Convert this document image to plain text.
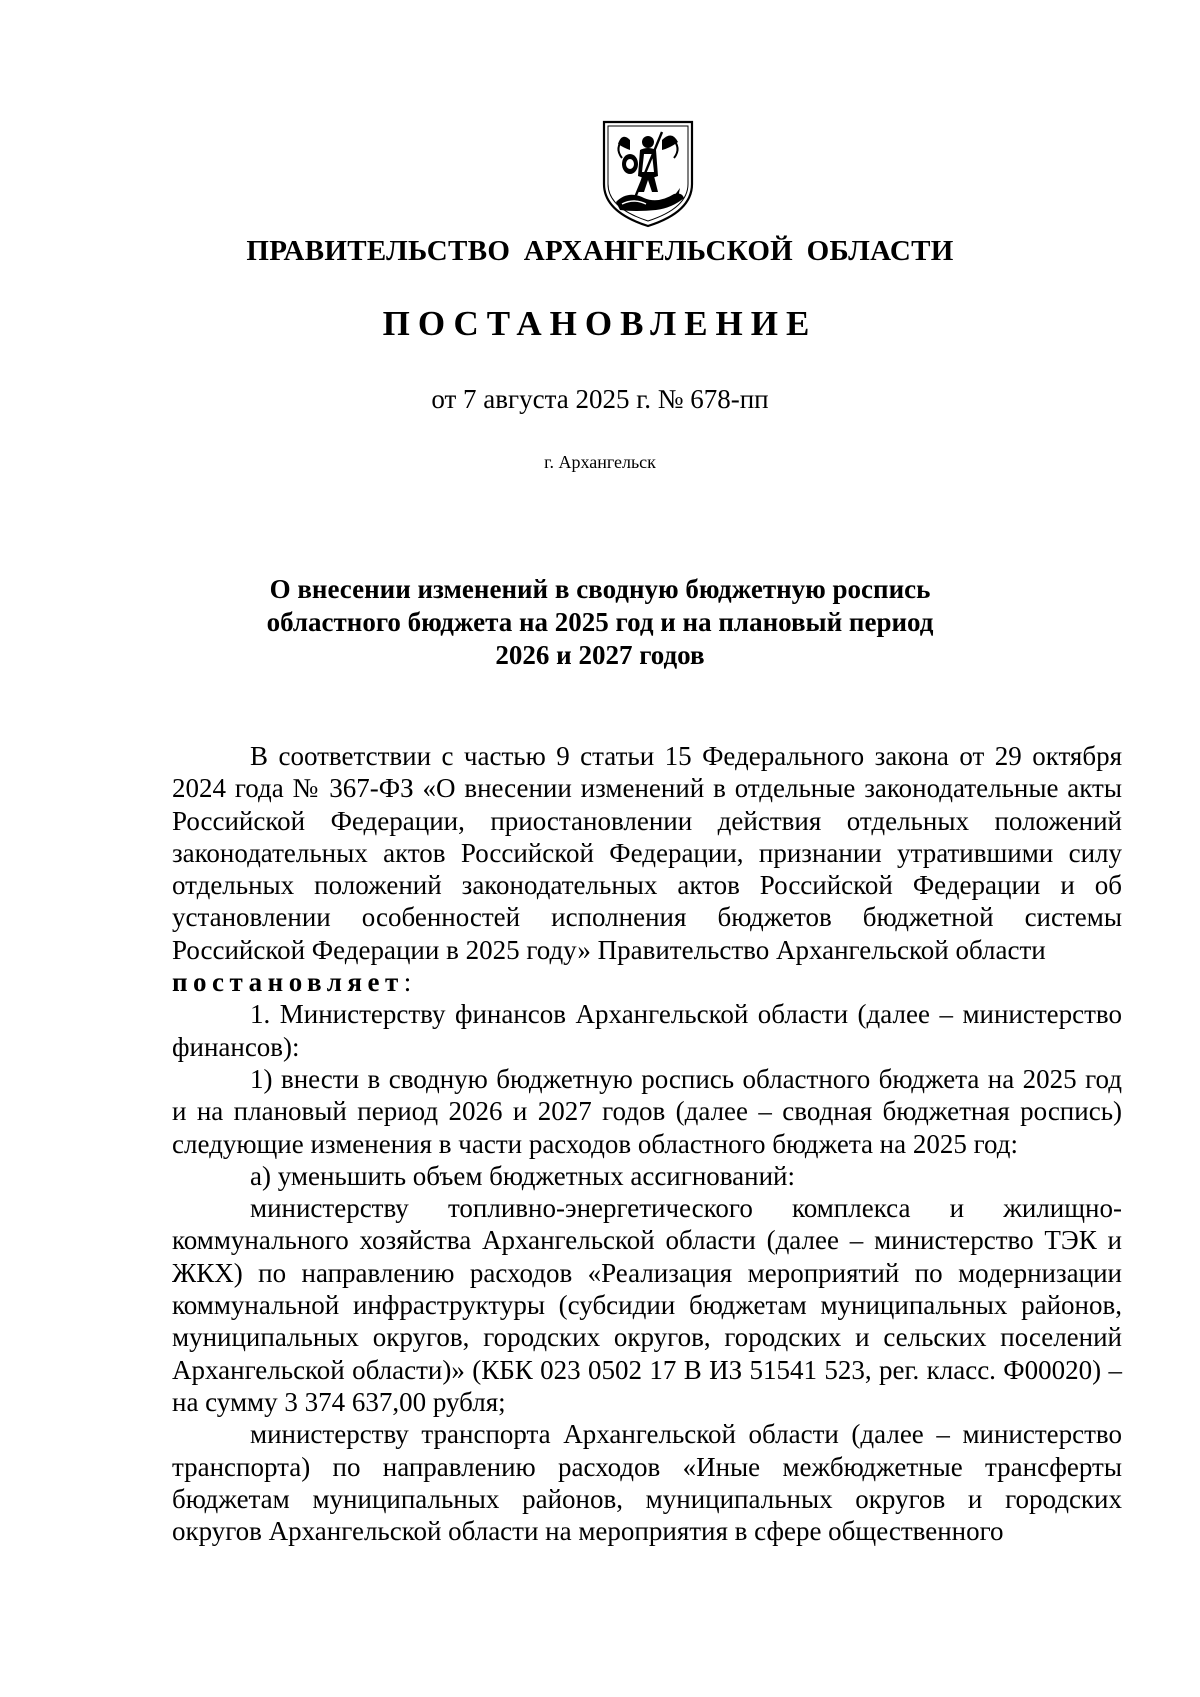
ПРАВИТЕЛЬСТВО АРХАНГЕЛЬСКОЙ ОБЛАСТИ
ПОСТАНОВЛЕНИЕ
от 7 августа 2025 г. № 678-пп
г. Архангельск
О внесении изменений в сводную бюджетную роспись
областного бюджета на 2025 год и на плановый период
2026 и 2027 годов

В соответствии с частью 9 статьи 15 Федерального закона от 29 октября 2024 года № 367-ФЗ «О внесении изменений в отдельные законодательные акты Российской Федерации, приостановлении действия отдельных положений законодательных актов Российской Федерации, признании утратившими силу отдельных положений законодательных актов Российской Федерации и об установлении особенностей исполнения бюджетов бюджетной системы Российской Федерации в 2025 году» Правительство Архангельской области
постановляет:

1. Министерству финансов Архангельской области (далее – министерство финансов):

1) внести в сводную бюджетную роспись областного бюджета на 2025 год и на плановый период 2026 и 2027 годов (далее – сводная бюджетная роспись) следующие изменения в части расходов областного бюджета на 2025 год:

а) уменьшить объем бюджетных ассигнований:

министерству топливно-энергетического комплекса и жилищно-коммунального хозяйства Архангельской области (далее – министерство ТЭК и ЖКХ) по направлению расходов «Реализация мероприятий по модернизации коммунальной инфраструктуры (субсидии бюджетам муниципальных районов, муниципальных округов, городских округов, городских и сельских поселений Архангельской области)» (КБК 023 0502 17 В ИЗ 51541 523, рег. класс. Ф00020) – на сумму 3 374 637,00 рубля;

министерству транспорта Архангельской области (далее – министерство транспорта) по направлению расходов «Иные межбюджетные трансферты бюджетам муниципальных районов, муниципальных округов и городских округов Архангельской области на мероприятия в сфере общественного
